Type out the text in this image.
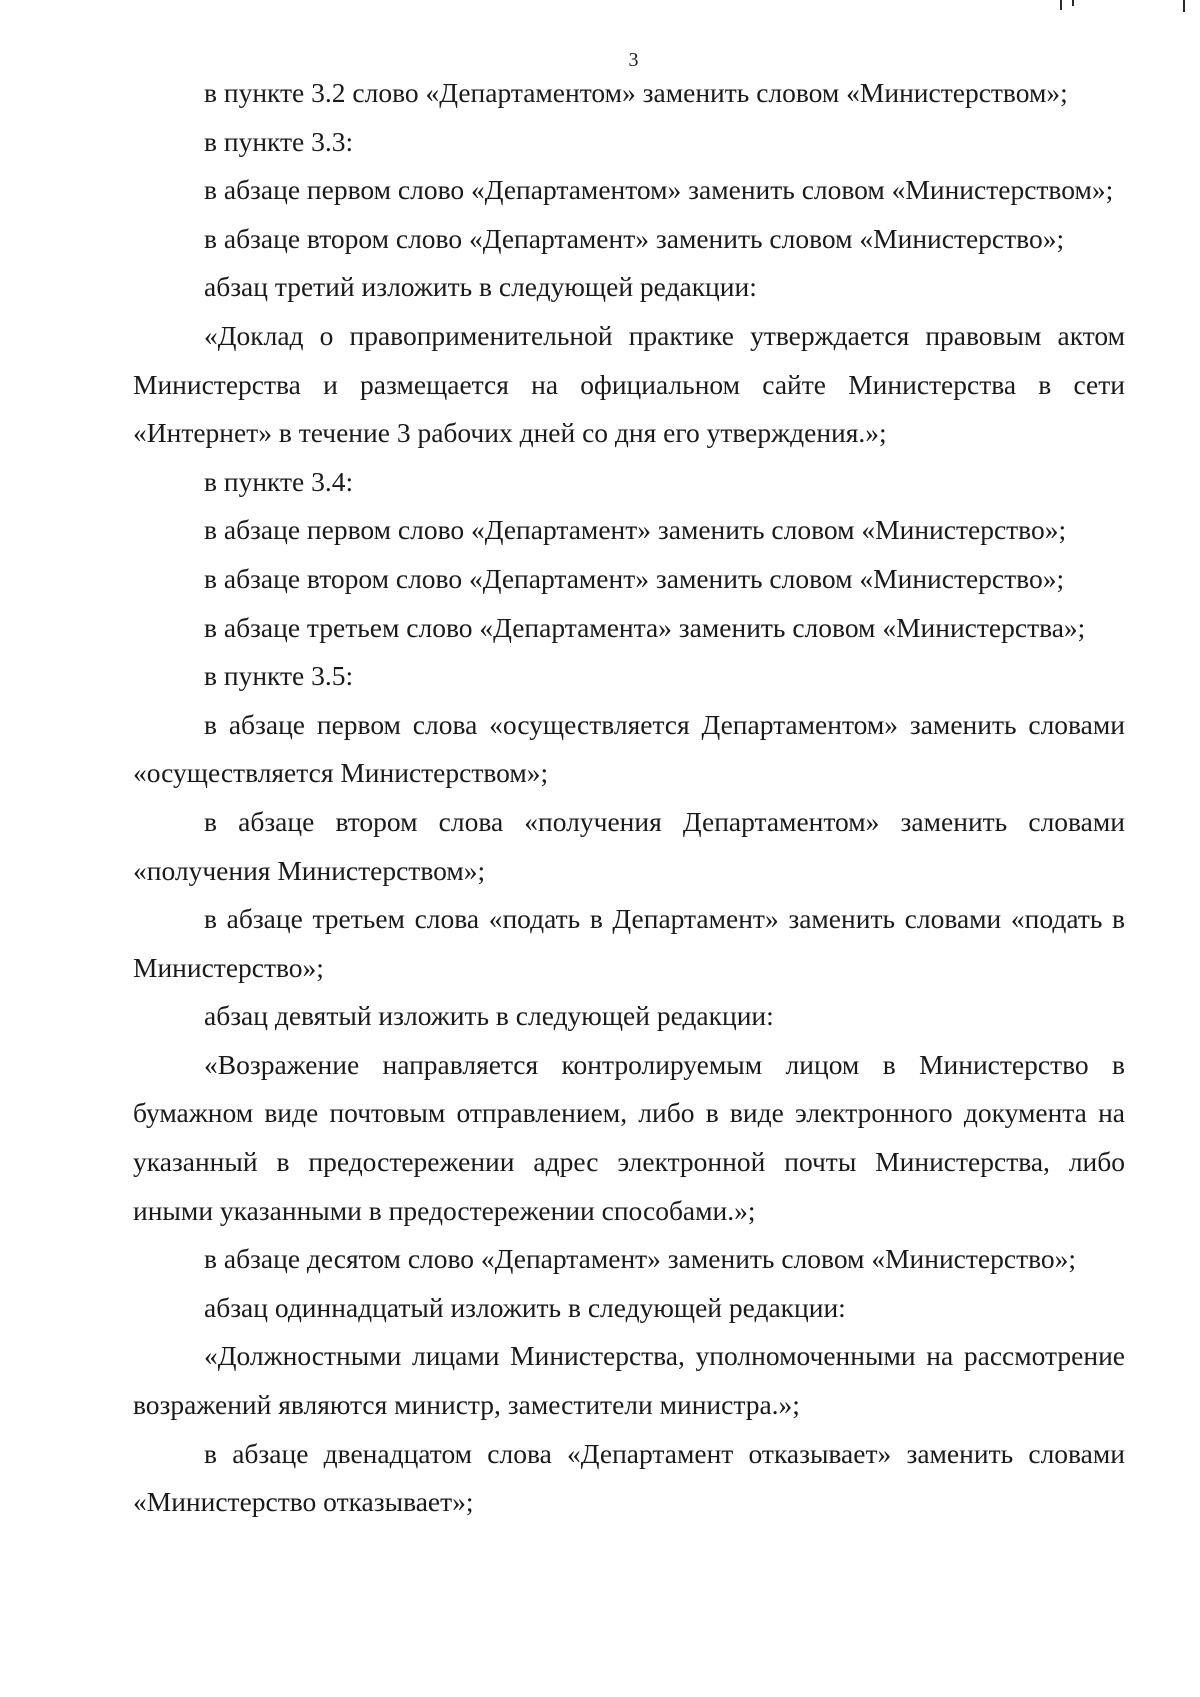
3

в пункте 3.2 слово «Департаментом» заменить словом «Министерством»;

в пункте 3.3:

в абзаце первом слово «Департаментом» заменить словом «Министерством»;

в абзаце втором слово «Департамент» заменить словом «Министерство»;

абзац третий изложить в следующей редакции:

«Доклад о правоприменительной практике утверждается правовым актом Министерства и размещается на официальном сайте Министерства в сети «Интернет» в течение 3 рабочих дней со дня его утверждения.»;

в пункте 3.4:

в абзаце первом слово «Департамент» заменить словом «Министерство»;

в абзаце втором слово «Департамент» заменить словом «Министерство»;

в абзаце третьем слово «Департамента» заменить словом «Министерства»;

в пункте 3.5:

в абзаце первом слова «осуществляется Департаментом» заменить словами «осуществляется Министерством»;

в абзаце втором слова «получения Департаментом» заменить словами «получения Министерством»;

в абзаце третьем слова «подать в Департамент» заменить словами «подать в Министерство»;

абзац девятый изложить в следующей редакции:

«Возражение направляется контролируемым лицом в Министерство в бумажном виде почтовым отправлением, либо в виде электронного документа на указанный в предостережении адрес электронной почты Министерства, либо иными указанными в предостережении способами.»;

в абзаце десятом слово «Департамент» заменить словом «Министерство»;

абзац одиннадцатый изложить в следующей редакции:

«Должностными лицами Министерства, уполномоченными на рассмотрение возражений являются министр, заместители министра.»;

в абзаце двенадцатом слова «Департамент отказывает» заменить словами «Министерство отказывает»;
